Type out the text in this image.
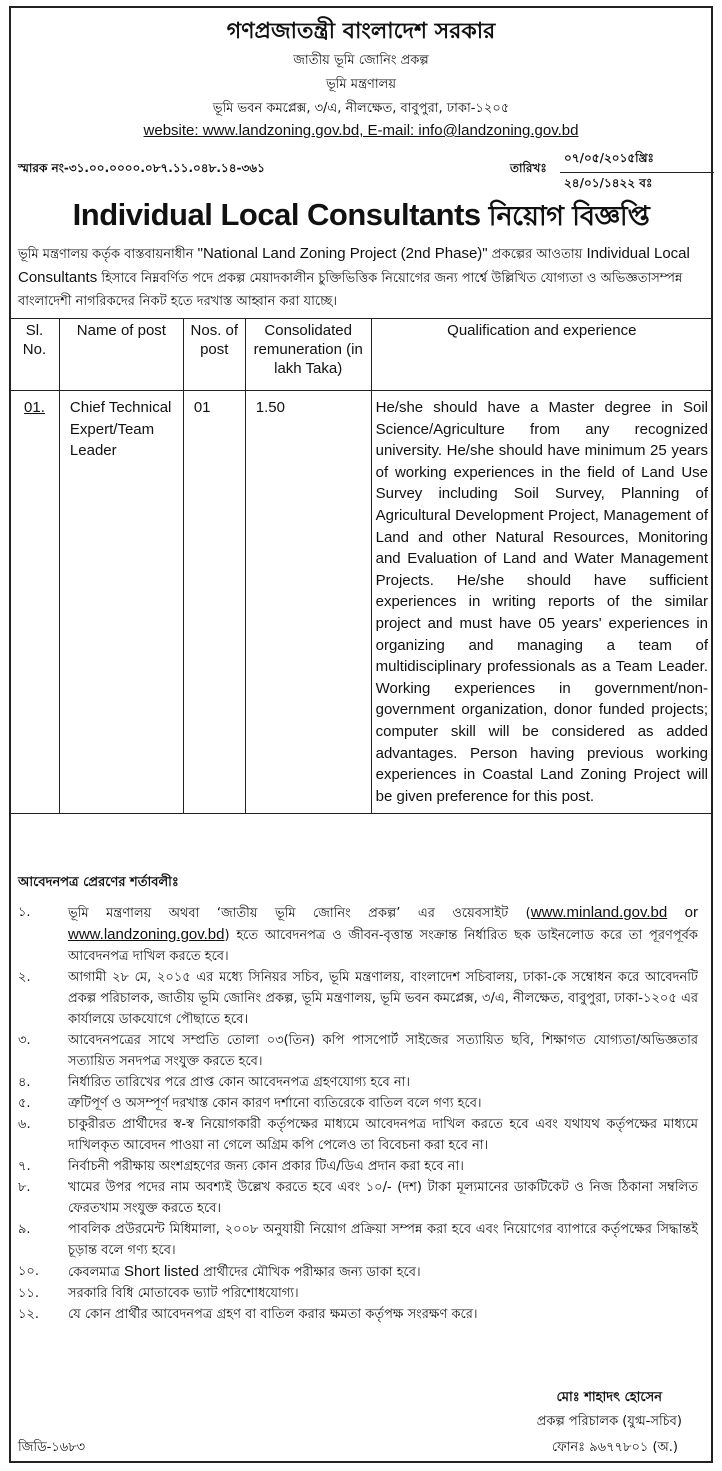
গণপ্রজাতন্ত্রী বাংলাদেশ সরকার
জাতীয় ভূমি জোনিং প্রকল্প
ভূমি মন্ত্রণালয়
ভূমি ভবন কমপ্লেক্স, ৩/এ, নীলক্ষেত, বাবুপুরা, ঢাকা-১২০৫
website: www.landzoning.gov.bd, E-mail: info@landzoning.gov.bd
স্মারক নং-৩১.০০.০০০০.০৮৭.১১.০৪৮.১৪-৩৬১	তারিখঃ
০৭/০৫/২০১৫খ্রিঃ
২৪/০১/১৪২২ বঃ
Individual Local Consultants নিয়োগ বিজ্ঞপ্তি
ভূমি মন্ত্রণালয় কর্তৃক বাস্তবায়নাধীন "National Land Zoning Project (2nd Phase)" প্রকল্পের আওতায় Individual Local Consultants হিসাবে নিম্নবর্ণিত পদে প্রকল্প মেয়াদকালীন চুক্তিভিত্তিক নিয়োগের জন্য পার্শ্বে উল্লিখিত যোগ্যতা ও অভিজ্ঞতাসম্পন্ন বাংলাদেশী নাগরিকদের নিকট হতে দরখাস্ত আহ্বান করা যাচ্ছে।
Sl. No.	Name of post	Nos. of post	Consolidated remuneration (in lakh Taka)	Qualification and experience
01.	Chief Technical Expert/Team Leader	01	1.50	He/she should have a Master degree in Soil Science/Agriculture from any recognized university. He/she should have minimum 25 years of working experiences in the field of Land Use Survey including Soil Survey, Planning of Agricultural Development Project, Management of Land and other Natural Resources, Monitoring and Evaluation of Land and Water Management Projects. He/she should have sufficient experiences in writing reports of the similar project and must have 05 years' experiences in organizing and managing a team of multidisciplinary professionals as a Team Leader. Working experiences in government/non-government organization, donor funded projects; computer skill will be considered as added advantages. Person having previous working experiences in Coastal Land Zoning Project will be given preference for this post.
আবেদনপত্র প্রেরণের শর্তাবলীঃ
১.	ভূমি মন্ত্রণালয় অথবা ‘জাতীয় ভূমি জোনিং প্রকল্প’ এর ওয়েবসাইট (www.minland.gov.bd or www.landzoning.gov.bd) হতে আবেদনপত্র ও জীবন-বৃত্তান্ত সংক্রান্ত নির্ধারিত ছক ডাইনলোড করে তা পূরণপূর্বক আবেদনপত্র দাখিল করতে হবে।
২.	আগামী ২৮ মে, ২০১৫ এর মধ্যে সিনিয়র সচিব, ভূমি মন্ত্রণালয়, বাংলাদেশ সচিবালয়, ঢাকা-কে সম্বোধন করে আবেদনটি প্রকল্প পরিচালক, জাতীয় ভূমি জোনিং প্রকল্প, ভূমি মন্ত্রণালয়, ভূমি ভবন কমপ্লেক্স, ৩/এ, নীলক্ষেত, বাবুপুরা, ঢাকা-১২০৫ এর কার্যালয়ে ডাকযোগে পৌছাতে হবে।
৩.	আবেদনপত্রের সাথে সম্প্রতি তোলা ০৩(তিন) কপি পাসপোর্ট সাইজের সত্যায়িত ছবি, শিক্ষাগত যোগ্যতা/অভিজ্ঞতার সত্যায়িত সনদপত্র সংযুক্ত করতে হবে।
৪.	নির্ধারিত তারিখের পরে প্রাপ্ত কোন আবেদনপত্র গ্রহণযোগ্য হবে না।
৫.	ত্রুটিপূর্ণ ও অসম্পূর্ণ দরখাস্ত কোন কারণ দর্শানো ব্যতিরেকে বাতিল বলে গণ্য হবে।
৬.	চাকুরীরত প্রার্থীদের স্ব-স্ব নিয়োগকারী কর্তৃপক্ষের মাধ্যমে আবেদনপত্র দাখিল করতে হবে এবং যথাযথ কর্তৃপক্ষের মাধ্যমে দাখিলকৃত আবেদন পাওয়া না গেলে অগ্রিম কপি পেলেও তা বিবেচনা করা হবে না।
৭.	নির্বাচনী পরীক্ষায় অংশগ্রহণের জন্য কোন প্রকার টিএ/ডিএ প্রদান করা হবে না।
৮.	খামের উপর পদের নাম অবশ্যই উল্লেখ করতে হবে এবং ১০/- (দশ) টাকা মূল্যমানের ডাকটিকেট ও নিজ ঠিকানা সম্বলিত ফেরতখাম সংযুক্ত করতে হবে।
৯.	পাবলিক প্রউরমেন্ট মিধিমালা, ২০০৮ অনুযায়ী নিয়োগ প্রক্রিয়া সম্পন্ন করা হবে এবং নিয়োগের ব্যাপারে কর্তৃপক্ষের সিদ্ধান্তই চূড়ান্ত বলে গণ্য হবে।
১০.	কেবলমাত্র Short listed প্রার্থীদের মৌখিক পরীক্ষার জন্য ডাকা হবে।
১১.	সরকারি বিধি মোতাবেক ভ্যাট পরিশোধযোগ্য।
১২.	যে কোন প্রার্থীর আবেদনপত্র গ্রহণ বা বাতিল করার ক্ষমতা কর্তৃপক্ষ সংরক্ষণ করে।
মোঃ শাহাদৎ হোসেন
প্রকল্প পরিচালক (যুগ্ম-সচিব)
ফোনঃ ৯৬৭৭৮০১ (অ.)
জিডি-১৬৮৩
